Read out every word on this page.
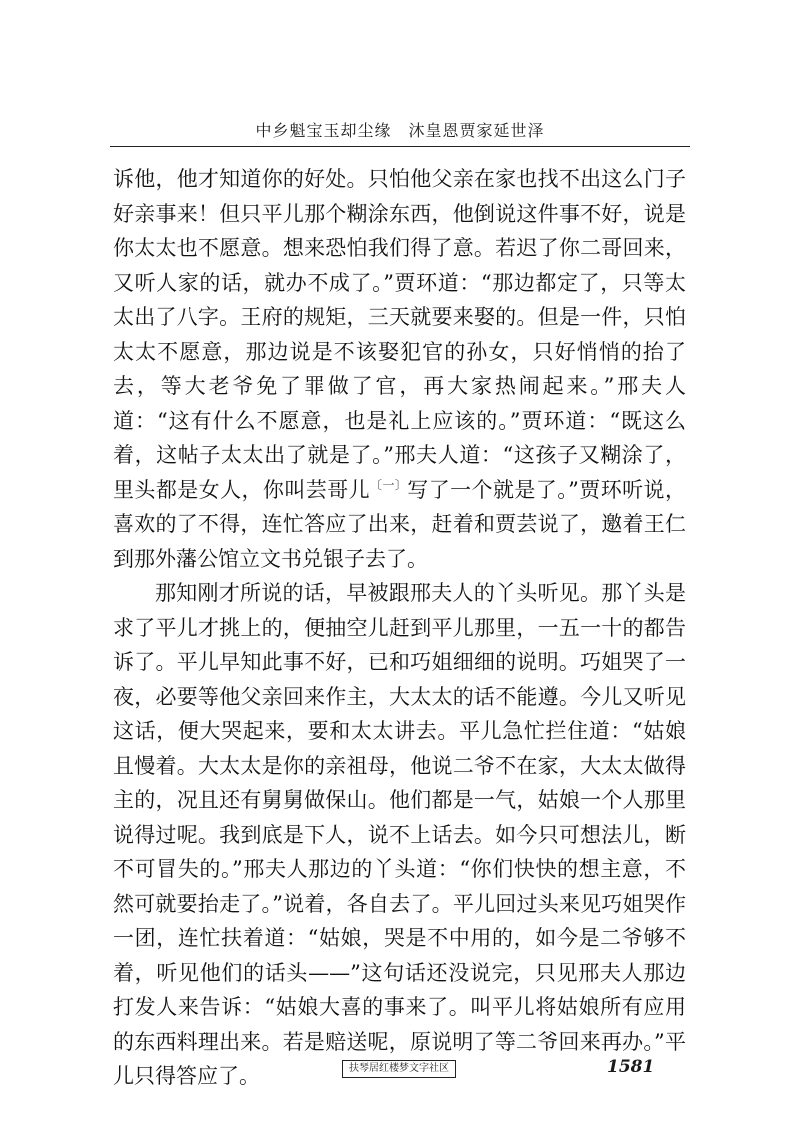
中乡魁宝玉却尘缘　沐皇恩贾家延世泽

诉他，他才知道你的好处。只怕他父亲在家也找不出这么门子好亲事来！但只平儿那个糊涂东西，他倒说这件事不好，说是你太太也不愿意。想来恐怕我们得了意。若迟了你二哥回来，又听人家的话，就办不成了。”贾环道：“那边都定了，只等太太出了八字。王府的规矩，三天就要来娶的。但是一件，只怕太太不愿意，那边说是不该娶犯官的孙女，只好悄悄的抬了去，等大老爷免了罪做了官，再大家热闹起来。”邢夫人道：“这有什么不愿意，也是礼上应该的。”贾环道：“既这么着，这帖子太太出了就是了。”邢夫人道：“这孩子又糊涂了，里头都是女人，你叫芸哥儿$^{〔一〕}$写了一个就是了。”贾环听说，喜欢的了不得，连忙答应了出来，赶着和贾芸说了，邀着王仁到那外藩公馆立文书兑银子去了。

那知刚才所说的话，早被跟邢夫人的丫头听见。那丫头是求了平儿才挑上的，便抽空儿赶到平儿那里，一五一十的都告诉了。平儿早知此事不好，已和巧姐细细的说明。巧姐哭了一夜，必要等他父亲回来作主，大太太的话不能遵。今儿又听见这话，便大哭起来，要和太太讲去。平儿急忙拦住道：“姑娘且慢着。大太太是你的亲祖母，他说二爷不在家，大太太做得主的，况且还有舅舅做保山。他们都是一气，姑娘一个人那里说得过呢。我到底是下人，说不上话去。如今只可想法儿，断不可冒失的。”邢夫人那边的丫头道：“你们快快的想主意，不然可就要抬走了。”说着，各自去了。平儿回过头来见巧姐哭作一团，连忙扶着道：“姑娘，哭是不中用的，如今是二爷够不着，听见他们的话头——”这句话还没说完，只见邢夫人那边打发人来告诉：“姑娘大喜的事来了。叫平儿将姑娘所有应用的东西料理出来。若是赔送呢，原说明了等二爷回来再办。”平儿只得答应了。	扶琴居红楼梦文字社区	1581
